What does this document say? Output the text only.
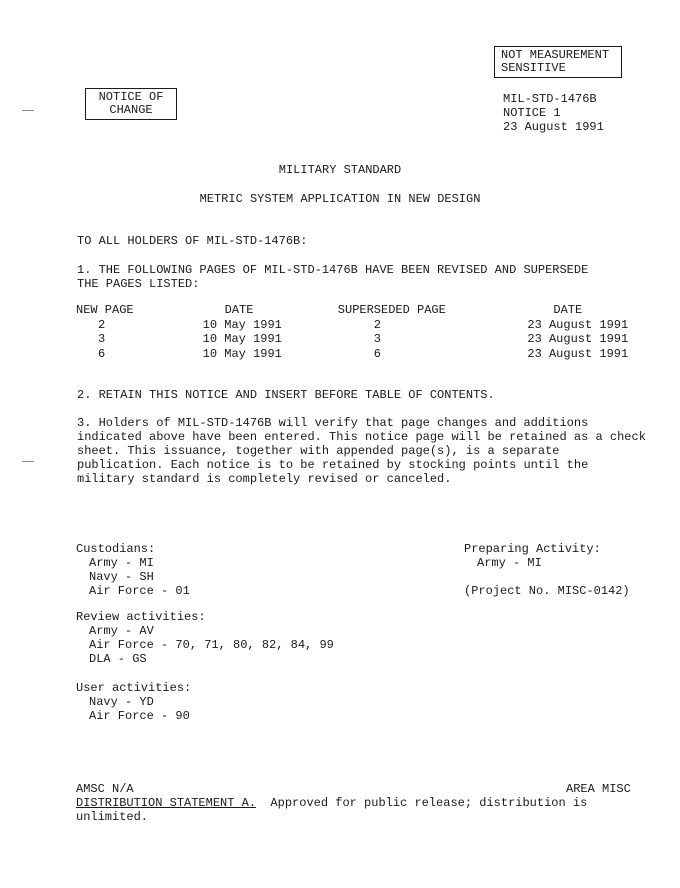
NOT MEASUREMENT
SENSITIVE
NOTICE OF
CHANGE
MIL-STD-1476B
NOTICE 1
23 August 1991
MILITARY STANDARD
METRIC SYSTEM APPLICATION IN NEW DESIGN
TO ALL HOLDERS OF MIL-STD-1476B:
1. THE FOLLOWING PAGES OF MIL-STD-1476B HAVE BEEN REVISED AND SUPERSEDE THE PAGES LISTED:
NEW PAGE	DATE	SUPERSEDED PAGE	DATE
2	10 May 1991	2	23 August 1991
3	10 May 1991	3	23 August 1991
6	10 May 1991	6	23 August 1991
2. RETAIN THIS NOTICE AND INSERT BEFORE TABLE OF CONTENTS.
3. Holders of MIL-STD-1476B will verify that page changes and additions
indicated above have been entered. This notice page will be retained as a check
sheet. This issuance, together with appended page(s), is a separate
publication. Each notice is to be retained by stocking points until the
military standard is completely revised or canceled.
Custodians:
Army - MI
Navy - SH
Air Force - 01
Preparing Activity:
Army - MI
(Project No. MISC-0142)
Review activities:
Army - AV
Air Force - 70, 71, 80, 82, 84, 99
DLA - GS
User activities:
Navy - YD
Air Force - 90
AMSC N/A	AREA MISC
DISTRIBUTION STATEMENT A.  Approved for public release; distribution is
unlimited.
